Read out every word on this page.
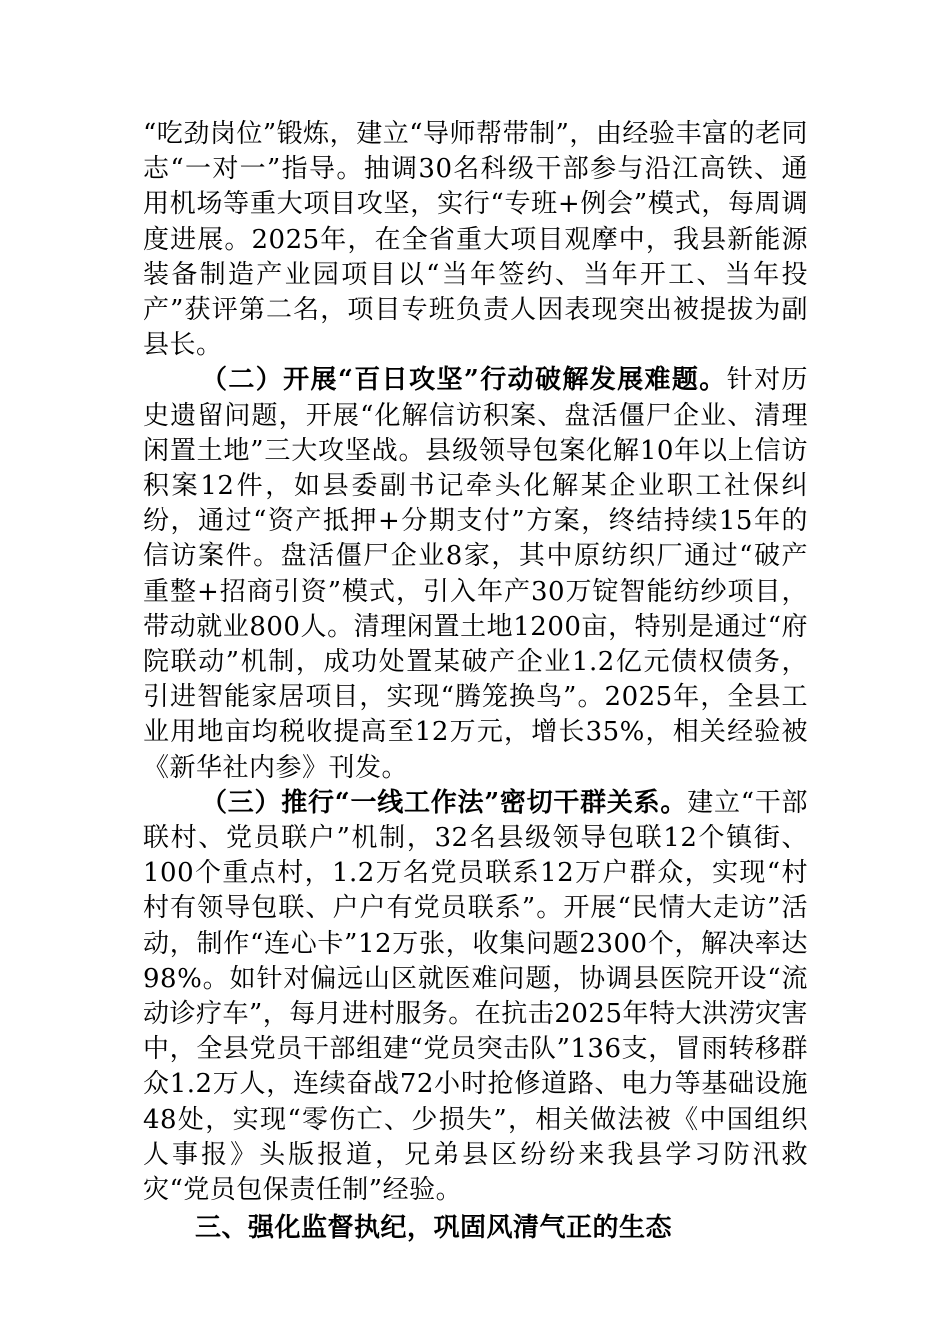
“吃劲岗位”锻炼，建立“导师帮带制”，由经验丰富的老同志“一对一”指导。抽调30名科级干部参与沿江高铁、通用机场等重大项目攻坚，实行“专班+例会”模式，每周调度进展。2025年，在全省重大项目观摩中，我县新能源装备制造产业园项目以“当年签约、当年开工、当年投产”获评第二名，项目专班负责人因表现突出被提拔为副县长。

（二）开展“百日攻坚”行动破解发展难题。针对历史遗留问题，开展“化解信访积案、盘活僵尸企业、清理闲置土地”三大攻坚战。县级领导包案化解10年以上信访积案12件，如县委副书记牵头化解某企业职工社保纠纷，通过“资产抵押+分期支付”方案，终结持续15年的信访案件。盘活僵尸企业8家，其中原纺织厂通过“破产重整+招商引资”模式，引入年产30万锭智能纺纱项目，带动就业800人。清理闲置土地1200亩，特别是通过“府院联动”机制，成功处置某破产企业1.2亿元债权债务，引进智能家居项目，实现“腾笼换鸟”。2025年，全县工业用地亩均税收提高至12万元，增长35%，相关经验被《新华社内参》刊发。

（三）推行“一线工作法”密切干群关系。建立“干部联村、党员联户”机制，32名县级领导包联12个镇街、100个重点村，1.2万名党员联系12万户群众，实现“村村有领导包联、户户有党员联系”。开展“民情大走访”活动，制作“连心卡”12万张，收集问题2300个，解决率达98%。如针对偏远山区就医难问题，协调县医院开设“流动诊疗车”，每月进村服务。在抗击2025年特大洪涝灾害中，全县党员干部组建“党员突击队”136支，冒雨转移群众1.2万人，连续奋战72小时抢修道路、电力等基础设施48处，实现“零伤亡、少损失”，相关做法被《中国组织人事报》头版报道，兄弟县区纷纷来我县学习防汛救灾“党员包保责任制”经验。

三、强化监督执纪，巩固风清气正的生态
